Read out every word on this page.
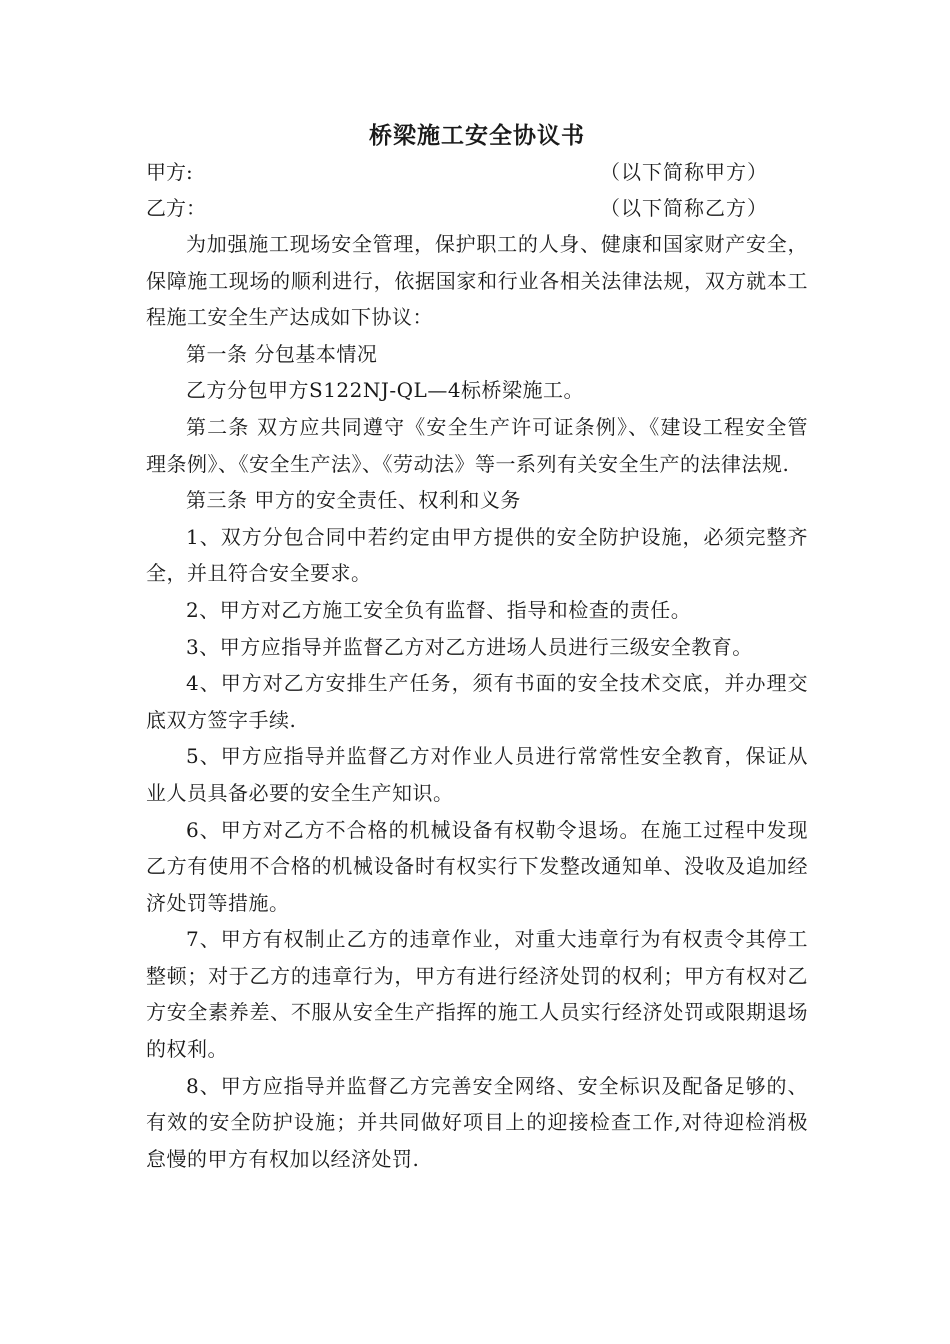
桥梁施工安全协议书
甲方:	（以下简称甲方）
乙方：	（以下简称乙方）

为加强施工现场安全管理，保护职工的人身、健康和国家财产安全，保障施工现场的顺利进行，依据国家和行业各相关法律法规，双方就本工程施工安全生产达成如下协议：

第一条 分包基本情况

乙方分包甲方S122NJ-QL—4标桥梁施工。

第二条 双方应共同遵守《安全生产许可证条例》、《建设工程安全管理条例》、《安全生产法》、《劳动法》等一系列有关安全生产的法律法规.

第三条 甲方的安全责任、权利和义务

1、双方分包合同中若约定由甲方提供的安全防护设施，必须完整齐全，并且符合安全要求。

2、甲方对乙方施工安全负有监督、指导和检查的责任。

3、甲方应指导并监督乙方对乙方进场人员进行三级安全教育。

4、甲方对乙方安排生产任务，须有书面的安全技术交底，并办理交底双方签字手续.

5、甲方应指导并监督乙方对作业人员进行常常性安全教育，保证从业人员具备必要的安全生产知识。

6、甲方对乙方不合格的机械设备有权勒令退场。在施工过程中发现乙方有使用不合格的机械设备时有权实行下发整改通知单、没收及追加经济处罚等措施。

7、甲方有权制止乙方的违章作业，对重大违章行为有权责令其停工整顿；对于乙方的违章行为，甲方有进行经济处罚的权利；甲方有权对乙方安全素养差、不服从安全生产指挥的施工人员实行经济处罚或限期退场的权利。

8、甲方应指导并监督乙方完善安全网络、安全标识及配备足够的、有效的安全防护设施；并共同做好项目上的迎接检查工作,对待迎检消极怠慢的甲方有权加以经济处罚.
